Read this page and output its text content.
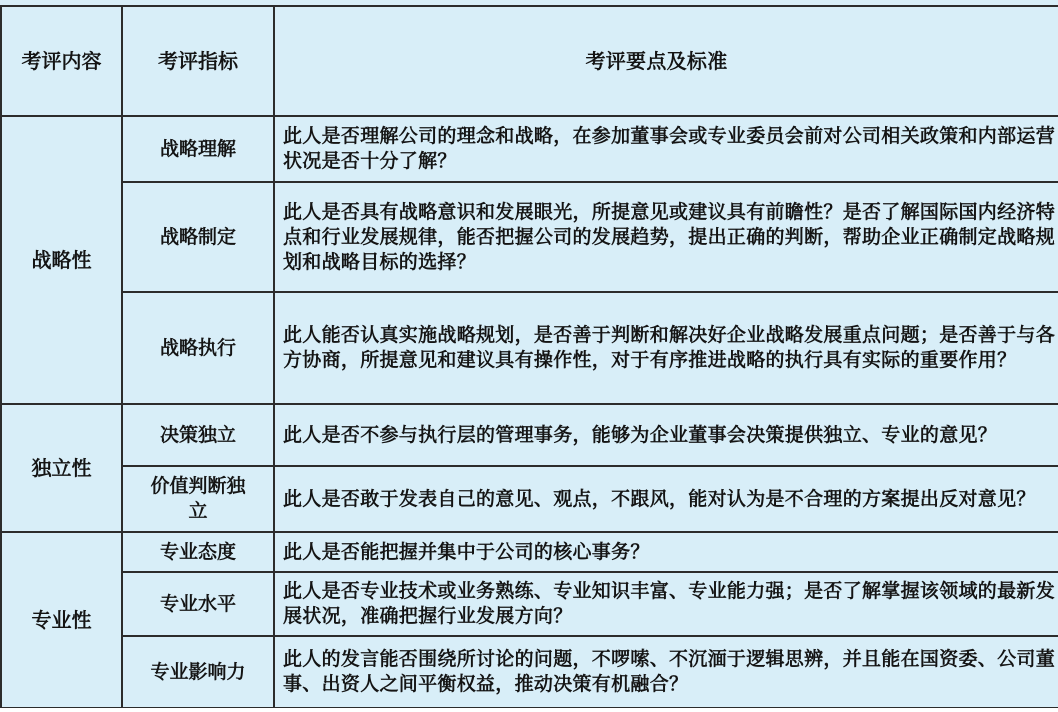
考评内容	考评指标	考评要点及标准
战略性	战略理解	此人是否理解公司的理念和战略，在参加董事会或专业委员会前对公司相关政策和内部运营状况是否十分了解？
	战略制定	此人是否具有战略意识和发展眼光，所提意见或建议具有前瞻性？是否了解国际国内经济特点和行业发展规律，能否把握公司的发展趋势，提出正确的判断，帮助企业正确制定战略规划和战略目标的选择？
	战略执行	此人能否认真实施战略规划，是否善于判断和解决好企业战略发展重点问题；是否善于与各方协商，所提意见和建议具有操作性，对于有序推进战略的执行具有实际的重要作用？
独立性	决策独立	此人是否不参与执行层的管理事务，能够为企业董事会决策提供独立、专业的意见？
	价值判断独立	此人是否敢于发表自己的意见、观点，不跟风，能对认为是不合理的方案提出反对意见？
专业性	专业态度	此人是否能把握并集中于公司的核心事务？
	专业水平	此人是否专业技术或业务熟练、专业知识丰富、专业能力强；是否了解掌握该领域的最新发展状况，准确把握行业发展方向？
	专业影响力	此人的发言能否围绕所讨论的问题，不啰嗦、不沉湎于逻辑思辨，并且能在国资委、公司董事、出资人之间平衡权益，推动决策有机融合？
